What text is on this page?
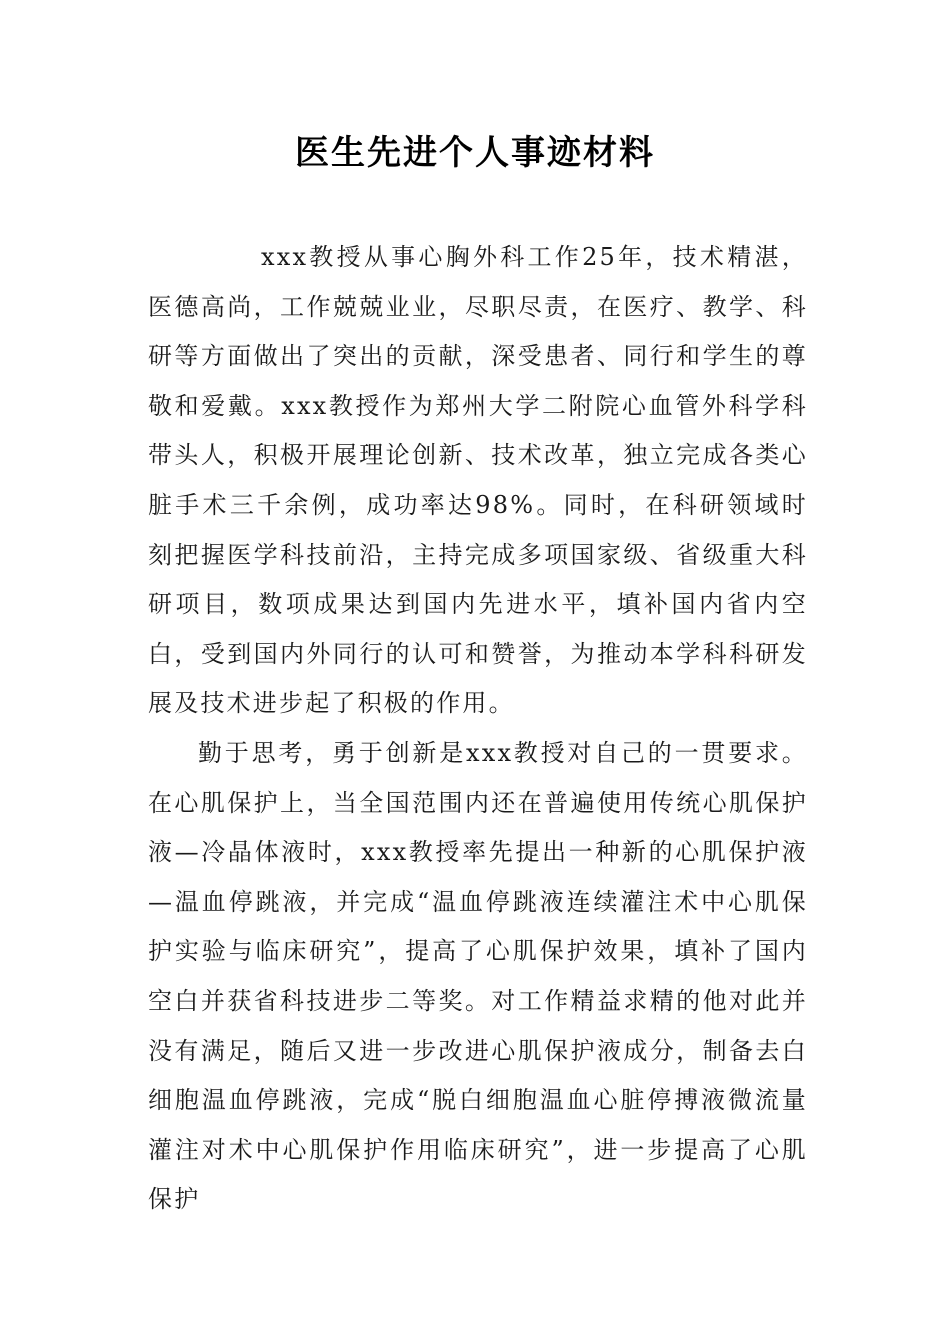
医生先进个人事迹材料

xxx教授从事心胸外科工作25年，技术精湛，医德高尚，工作兢兢业业，尽职尽责，在医疗、教学、科研等方面做出了突出的贡献，深受患者、同行和学生的尊敬和爱戴。xxx教授作为郑州大学二附院心血管外科学科带头人，积极开展理论创新、技术改革，独立完成各类心脏手术三千余例，成功率达98%。同时，在科研领域时刻把握医学科技前沿，主持完成多项国家级、省级重大科研项目，数项成果达到国内先进水平，填补国内省内空白，受到国内外同行的认可和赞誉，为推动本学科科研发展及技术进步起了积极的作用。

勤于思考，勇于创新是xxx教授对自己的一贯要求。在心肌保护上，当全国范围内还在普遍使用传统心肌保护液—冷晶体液时，xxx教授率先提出一种新的心肌保护液—温血停跳液，并完成“温血停跳液连续灌注术中心肌保护实验与临床研究”，提高了心肌保护效果，填补了国内空白并获省科技进步二等奖。对工作精益求精的他对此并没有满足，随后又进一步改进心肌保护液成分，制备去白细胞温血停跳液，完成“脱白细胞温血心脏停搏液微流量灌注对术中心肌保护作用临床研究”，进一步提高了心肌保护
